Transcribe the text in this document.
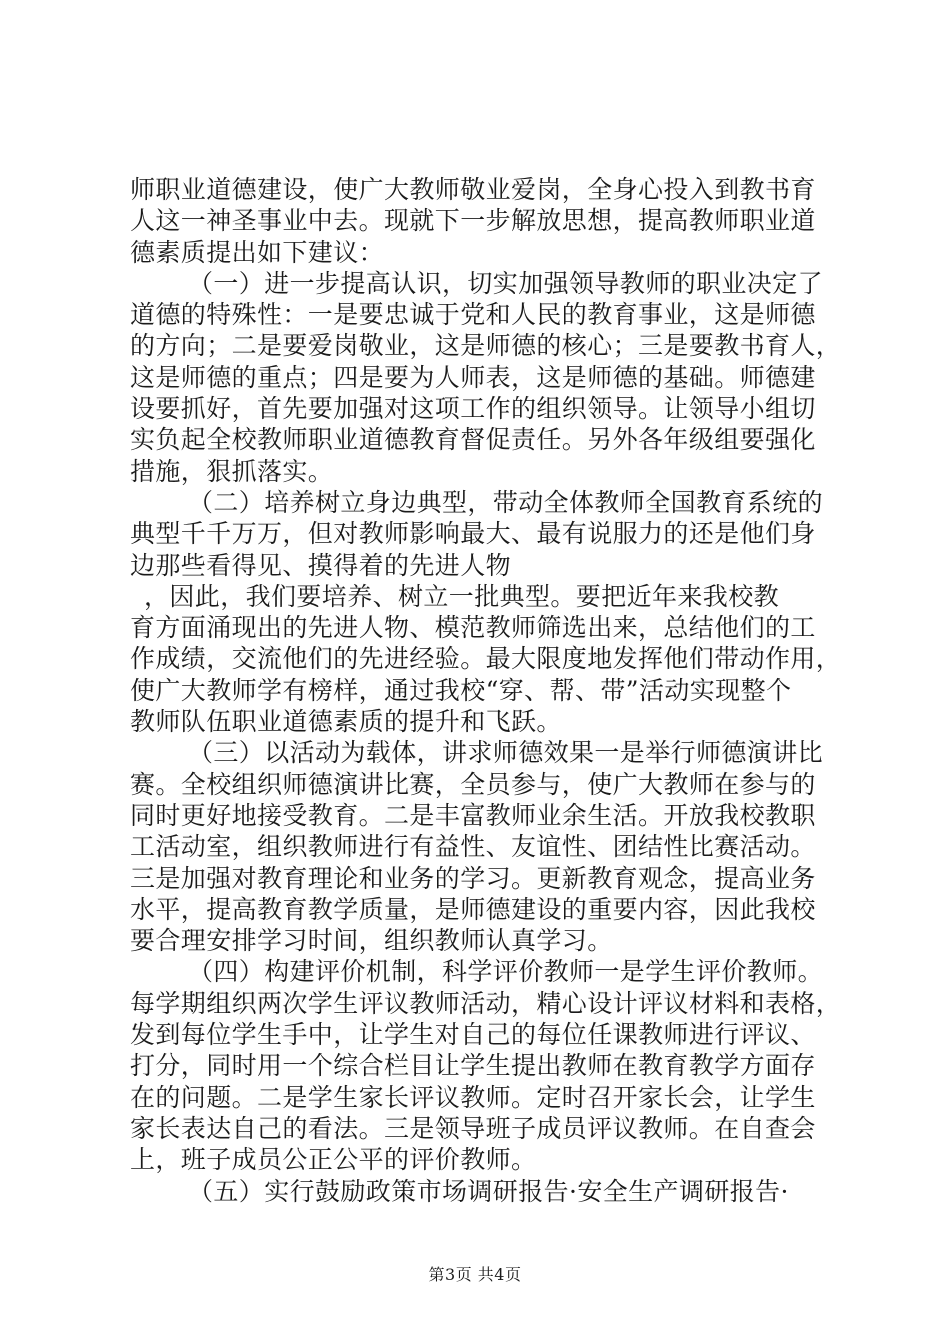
师职业道德建设，使广大教师敬业爱岗，全身心投入到教书育
人这一神圣事业中去。现就下一步解放思想，提高教师职业道
德素质提出如下建议：
（一）进一步提高认识，切实加强领导教师的职业决定了
道德的特殊性：一是要忠诚于党和人民的教育事业，这是师德
的方向；二是要爱岗敬业，这是师德的核心；三是要教书育人，
这是师德的重点；四是要为人师表，这是师德的基础。师德建
设要抓好，首先要加强对这项工作的组织领导。让领导小组切
实负起全校教师职业道德教育督促责任。另外各年级组要强化
措施，狠抓落实。
（二）培养树立身边典型，带动全体教师全国教育系统的
典型千千万万，但对教师影响最大、最有说服力的还是他们身
边那些看得见、摸得着的先进人物
，因此，我们要培养、树立一批典型。要把近年来我校教
育方面涌现出的先进人物、模范教师筛选出来，总结他们的工
作成绩，交流他们的先进经验。最大限度地发挥他们带动作用，
使广大教师学有榜样，通过我校“穿、帮、带”活动实现整个
教师队伍职业道德素质的提升和飞跃。
（三）以活动为载体，讲求师德效果一是举行师德演讲比
赛。全校组织师德演讲比赛，全员参与，使广大教师在参与的
同时更好地接受教育。二是丰富教师业余生活。开放我校教职
工活动室，组织教师进行有益性、友谊性、团结性比赛活动。
三是加强对教育理论和业务的学习。更新教育观念，提高业务
水平，提高教育教学质量，是师德建设的重要内容，因此我校
要合理安排学习时间，组织教师认真学习。
（四）构建评价机制，科学评价教师一是学生评价教师。
每学期组织两次学生评议教师活动，精心设计评议材料和表格，
发到每位学生手中，让学生对自己的每位任课教师进行评议、
打分，同时用一个综合栏目让学生提出教师在教育教学方面存
在的问题。二是学生家长评议教师。定时召开家长会，让学生
家长表达自己的看法。三是领导班子成员评议教师。在自查会
上，班子成员公正公平的评价教师。
（五）实行鼓励政策市场调研报告·安全生产调研报告·
第3页 共4页
